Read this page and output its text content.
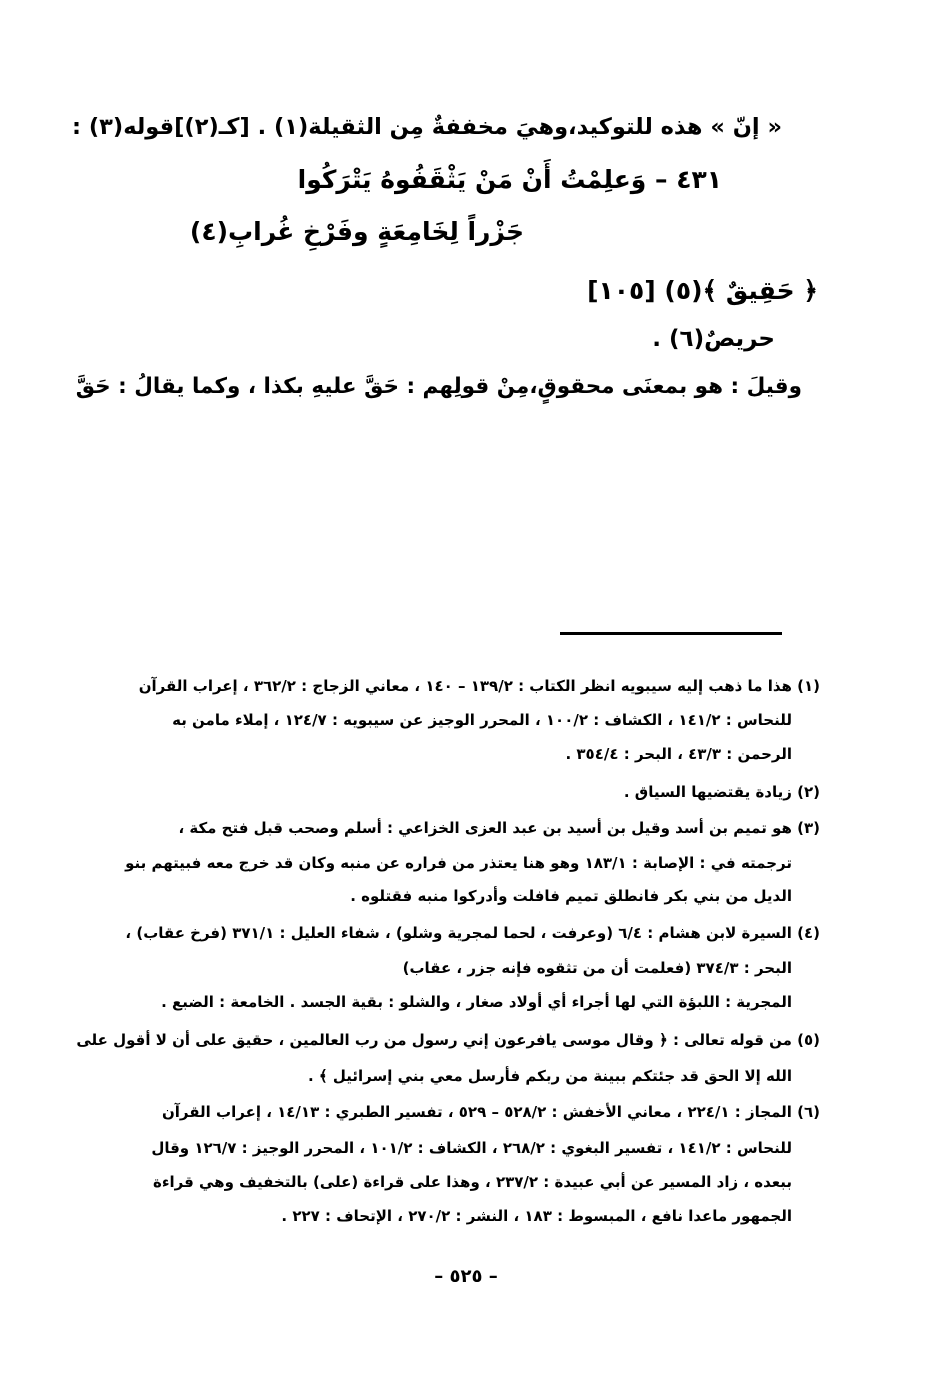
« إنّ » هذه للتوكيد،وهيَ مخففةٌ مِن الثقيلة(١) . [كـ(٢)]قوله(٣) :

٤٣١ – وَعلِمْتُ أَنْ مَنْ يَثْقَفُوهُ يَتْرَكُوا

جَزْراً لِخَامِعَةٍ وفَرْخِ غُرابِ(٤)

﴿ حَقِيقٌ ﴾(٥) [١٠٥]

حريصٌ(٦) .

وقيلَ : هو بمعنَى محقوقٍ،مِنْ قولِهم : حَقَّ عليهِ بكذا ، وكما يقالُ : حَقَّ

(١) هذا ما ذهب إليه سيبويه انظر الكتاب : ١٣٩/٢ – ١٤٠ ، معاني الزجاج : ٣٦٢/٢ ، إعراب القرآن

للنحاس : ١٤١/٢ ، الكشاف : ١٠٠/٢ ، المحرر الوجيز عن سيبويه : ١٢٤/٧ ، إملاء مامن به

الرحمن : ٤٣/٣ ، البحر : ٣٥٤/٤ .

(٢) زيادة يقتضيها السياق .

(٣) هو تميم بن أسد وقيل بن أسيد بن عبد العزى الخزاعي : أسلم وصحب قبل فتح مكة ،

ترجمته في : الإصابة : ١٨٣/١ وهو هنا يعتذر من فراره عن منبه وكان قد خرج معه فبيتهم بنو

الديل من بني بكر فانطلق تميم فافلت وأدركوا منبه فقتلوه .

(٤) السيرة لابن هشام : ٦/٤ (وعرفت ، لحما لمجرية وشلو) ، شفاء العليل : ٣٧١/١ (فرخ عقاب) ،

البحر : ٣٧٤/٣ (فعلمت أن من تثقوه فإنه جزر ، عقاب)

المجرية : اللبؤة التي لها أجراء أي أولاد صغار ، والشلو : بقية الجسد . الخامعة : الضبع .

(٥) من قوله تعالى : ﴿ وقال موسى يافرعون إني رسول من رب العالمين ، حقيق على أن لا أقول على

الله إلا الحق قد جئتكم ببينة من ربكم فأرسل معي بني إسرائيل ﴾ .

(٦) المجاز : ٢٢٤/١ ، معاني الأخفش : ٥٢٨/٢ – ٥٢٩ ، تفسير الطبري : ١٤/١٣ ، إعراب القرآن

للنحاس : ١٤١/٢ ، تفسير البغوي : ٢٦٨/٢ ، الكشاف : ١٠١/٢ ، المحرر الوجيز : ١٢٦/٧ وقال

ببعده ، زاد المسير عن أبي عبيدة : ٢٣٧/٢ ، وهذا على قراءة (على) بالتخفيف وهي قراءة

الجمهور ماعدا نافع ، المبسوط : ١٨٣ ، النشر : ٢٧٠/٢ ، الإتحاف : ٢٢٧ .

– ٥٢٥ –
